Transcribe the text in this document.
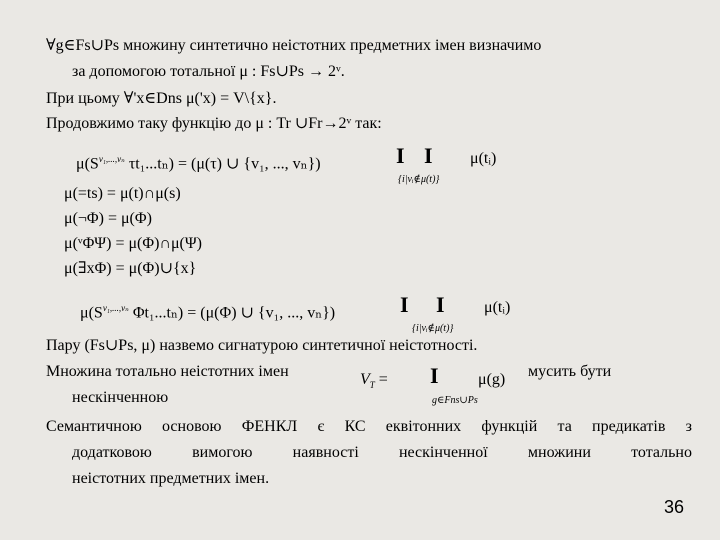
∀g∈Fs∪Ps множину синтетично неістотних предметних імен визначимо
за допомогою тотальної μ : Fs∪Ps → 2ᵛ.
При цьому ∀'x∈Dns μ('x) = V\{x}.
Продовжимо таку функцію до μ : Tr ∪Fr→2ᵛ так:
$\mu(S^{v_1,...,v_n}$ τt₁...tₙ) = (μ(τ) ∪ {v₁, ..., vₙ})	I I μ(tᵢ)
{i|vᵢ∉μ(t)}
μ(=ts) = μ(t)∩μ(s)
μ(¬Φ) = μ(Φ)
μ(ᵛΦΨ) = μ(Φ)∩μ(Ψ)
μ(∃xΦ) = μ(Φ)∪{x}
$\mu(S^{v_1,...,v_n}$ Φt₁...tₙ) = (μ(Φ) ∪ {v₁, ..., vₙ})	I I μ(tᵢ)
{i|vᵢ∉μ(t)}
Пару (Fs∪Ps, μ) назвемо сигнатурою синтетичної неістотності.
Множина тотально неістотних імен	$V_T = I$ μ(g)
g∈Fns∪Ps
мусить бути
нескінченною
Семантичною основою ФЕНКЛ є КС еквітонних функцій та предикатів з
додатковою вимогою наявності нескінченної множини тотально
неістотних предметних імен.
36
